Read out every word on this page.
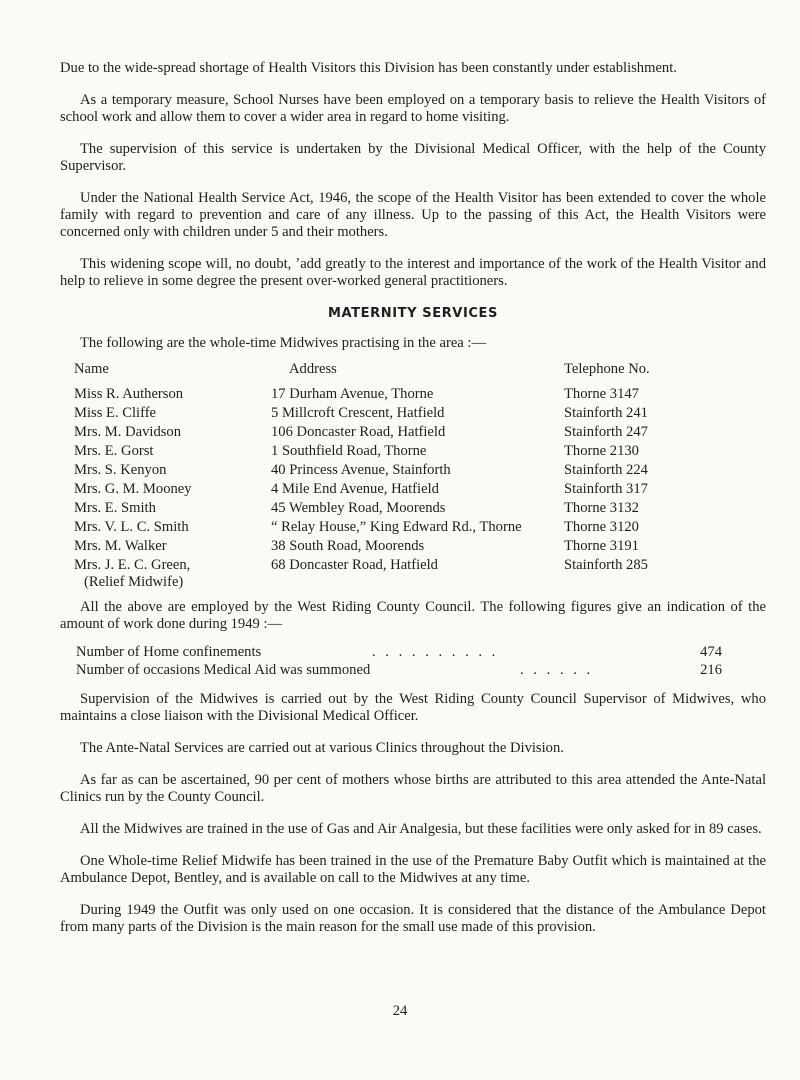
Due to the wide-spread shortage of Health Visitors this Division has been constantly under establishment.

As a temporary measure, School Nurses have been employed on a temporary basis to relieve the Health Visitors of school work and allow them to cover a wider area in regard to home visiting.

The supervision of this service is undertaken by the Divisional Medical Officer, with the help of the County Supervisor.

Under the National Health Service Act, 1946, the scope of the Health Visitor has been extended to cover the whole family with regard to prevention and care of any illness. Up to the passing of this Act, the Health Visitors were concerned only with children under 5 and their mothers.

This widening scope will, no doubt, ʼadd greatly to the interest and importance of the work of the Health Visitor and help to relieve in some degree the present over-worked general practitioners.

MATERNITY SERVICES

The following are the whole-time Midwives practising in the area :—

Name	Address	Telephone No.
Miss R. Autherson	17 Durham Avenue, Thorne	Thorne 3147
Miss E. Cliffe	5 Millcroft Crescent, Hatfield	Stainforth 241
Mrs. M. Davidson	106 Doncaster Road, Hatfield	Stainforth 247
Mrs. E. Gorst	1 Southfield Road, Thorne	Thorne 2130
Mrs. S. Kenyon	40 Princess Avenue, Stainforth	Stainforth 224
Mrs. G. M. Mooney	4 Mile End Avenue, Hatfield	Stainforth 317
Mrs. E. Smith	45 Wembley Road, Moorends	Thorne 3132
Mrs. V. L. C. Smith	“ Relay House,” King Edward Rd., Thorne	Thorne 3120
Mrs. M. Walker	38 South Road, Moorends	Thorne 3191
Mrs. J. E. C. Green,
(Relief Midwife)	68 Doncaster Road, Hatfield	Stainforth 285

All the above are employed by the West Riding County Council. The following figures give an indication of the amount of work done during 1949 :—

Number of Home confinements	. . . . . . . . . .	474
Number of occasions Medical Aid was summoned	. . . . . .	216

Supervision of the Midwives is carried out by the West Riding County Council Supervisor of Midwives, who maintains a close liaison with the Divisional Medical Officer.

The Ante-Natal Services are carried out at various Clinics throughout the Division.

As far as can be ascertained, 90 per cent of mothers whose births are attributed to this area attended the Ante-Natal Clinics run by the County Council.

All the Midwives are trained in the use of Gas and Air Analgesia, but these facilities were only asked for in 89 cases.

One Whole-time Relief Midwife has been trained in the use of the Premature Baby Outfit which is maintained at the Ambulance Depot, Bentley, and is available on call to the Midwives at any time.

During 1949 the Outfit was only used on one occasion. It is considered that the distance of the Ambulance Depot from many parts of the Division is the main reason for the small use made of this provision.

24
